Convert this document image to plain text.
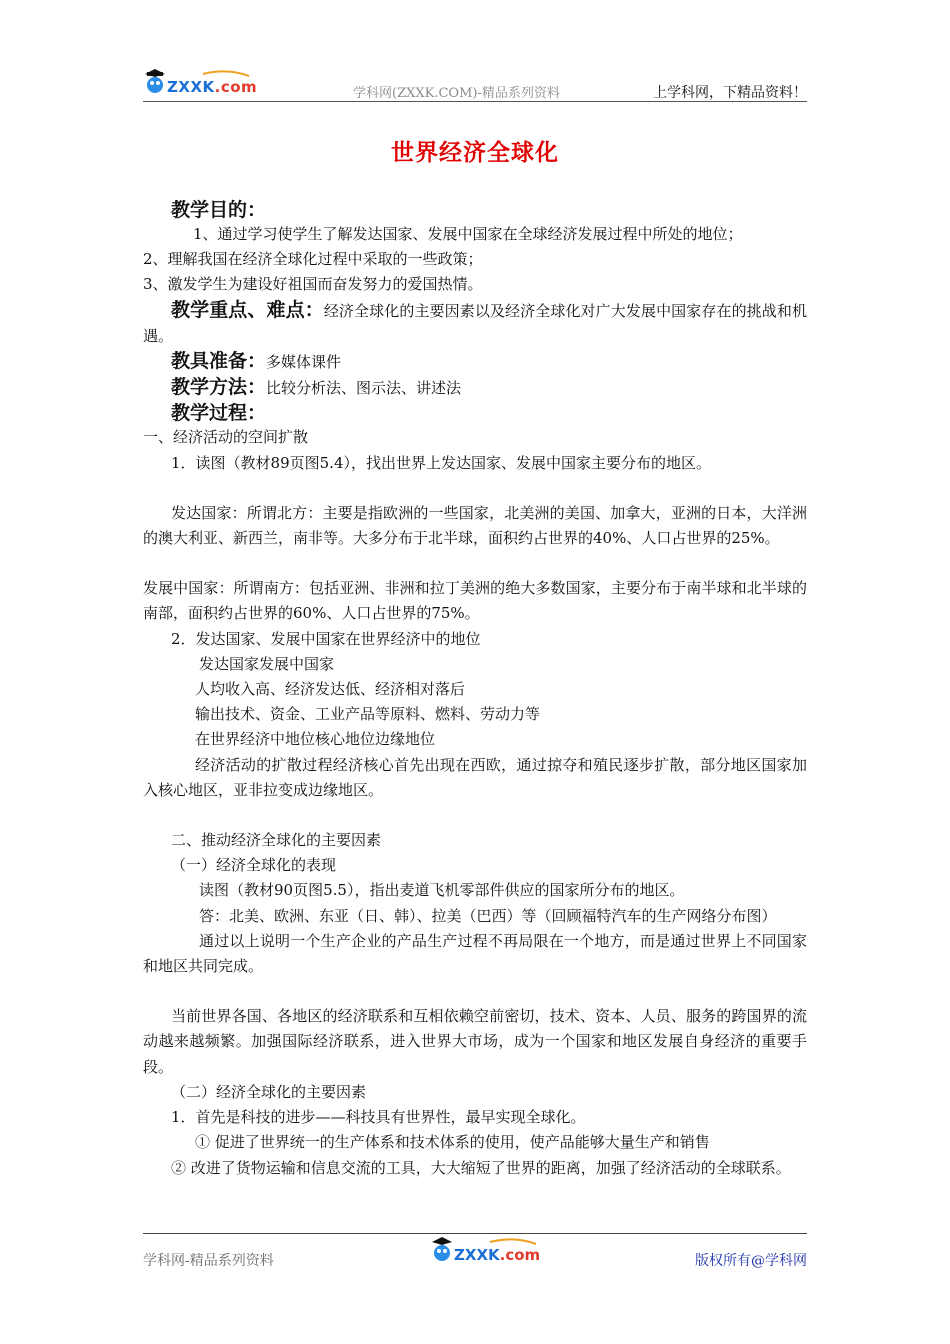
ZXXK.com	学科网(ZXXK.COM)-精品系列资料	上学科网，下精品资料！
世界经济全球化

教学目的：

1、通过学习使学生了解发达国家、发展中国家在全球经济发展过程中所处的地位；

2、理解我国在经济全球化过程中采取的一些政策；

3、激发学生为建设好祖国而奋发努力的爱国热情。

教学重点、难点：经济全球化的主要因素以及经济全球化对广大发展中国家存在的挑战和机遇。

教具准备：多媒体课件

教学方法：比较分析法、图示法、讲述法

教学过程：

一、经济活动的空间扩散

1．读图（教材89页图5.4），找出世界上发达国家、发展中国家主要分布的地区。

发达国家：所谓北方：主要是指欧洲的一些国家，北美洲的美国、加拿大，亚洲的日本，大洋洲的澳大利亚、新西兰，南非等。大多分布于北半球，面积约占世界的40%、人口占世界的25%。

发展中国家：所谓南方：包括亚洲、非洲和拉丁美洲的绝大多数国家，主要分布于南半球和北半球的南部，面积约占世界的60%、人口占世界的75%。

2．发达国家、发展中国家在世界经济中的地位

发达国家发展中国家

人均收入高、经济发达低、经济相对落后

输出技术、资金、工业产品等原料、燃料、劳动力等

在世界经济中地位核心地位边缘地位

经济活动的扩散过程经济核心首先出现在西欧，通过掠夺和殖民逐步扩散，部分地区国家加入核心地区，亚非拉变成边缘地区。

二、推动经济全球化的主要因素

（一）经济全球化的表现

读图（教材90页图5.5），指出麦道飞机零部件供应的国家所分布的地区。

答：北美、欧洲、东亚（日、韩）、拉美（巴西）等（回顾福特汽车的生产网络分布图）

通过以上说明一个生产企业的产品生产过程不再局限在一个地方，而是通过世界上不同国家和地区共同完成。

当前世界各国、各地区的经济联系和互相依赖空前密切，技术、资本、人员、服务的跨国界的流动越来越频繁。加强国际经济联系，进入世界大市场，成为一个国家和地区发展自身经济的重要手段。

（二）经济全球化的主要因素

1．首先是科技的进步——科技具有世界性，最早实现全球化。

① 促进了世界统一的生产体系和技术体系的使用，使产品能够大量生产和销售

② 改进了货物运输和信息交流的工具，大大缩短了世界的距离，加强了经济活动的全球联系。

学科网-精品系列资料	ZXXK.com	版权所有@学科网
